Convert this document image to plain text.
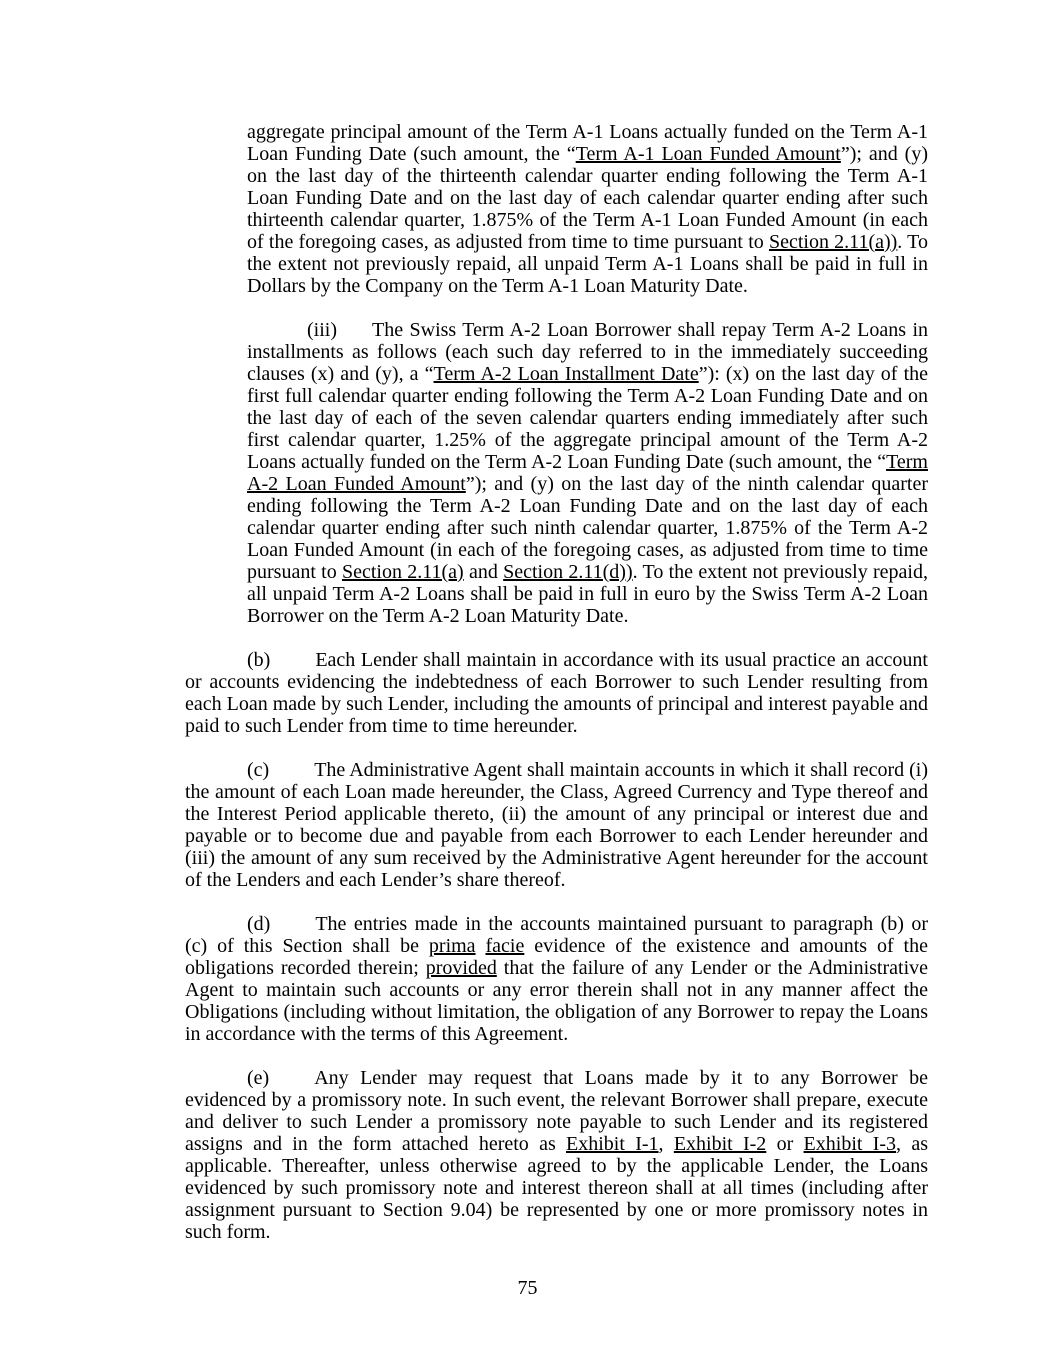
aggregate principal amount of the Term A-1 Loans actually funded on the Term A-1 Loan Funding Date (such amount, the “Term A-1 Loan Funded Amount”); and (y) on the last day of the thirteenth calendar quarter ending following the Term A-1 Loan Funding Date and on the last day of each calendar quarter ending after such thirteenth calendar quarter, 1.875% of the Term A-1 Loan Funded Amount (in each of the foregoing cases, as adjusted from time to time pursuant to Section 2.11(a)). To the extent not previously repaid, all unpaid Term A-1 Loans shall be paid in full in Dollars by the Company on the Term A-1 Loan Maturity Date.

(iii) The Swiss Term A-2 Loan Borrower shall repay Term A-2 Loans in installments as follows (each such day referred to in the immediately succeeding clauses (x) and (y), a “Term A-2 Loan Installment Date”): (x) on the last day of the first full calendar quarter ending following the Term A-2 Loan Funding Date and on the last day of each of the seven calendar quarters ending immediately after such first calendar quarter, 1.25% of the aggregate principal amount of the Term A-2 Loans actually funded on the Term A-2 Loan Funding Date (such amount, the “Term A-2 Loan Funded Amount”); and (y) on the last day of the ninth calendar quarter ending following the Term A-2 Loan Funding Date and on the last day of each calendar quarter ending after such ninth calendar quarter, 1.875% of the Term A-2 Loan Funded Amount (in each of the foregoing cases, as adjusted from time to time pursuant to Section 2.11(a) and Section 2.11(d)). To the extent not previously repaid, all unpaid Term A-2 Loans shall be paid in full in euro by the Swiss Term A-2 Loan Borrower on the Term A-2 Loan Maturity Date.

(b) Each Lender shall maintain in accordance with its usual practice an account or accounts evidencing the indebtedness of each Borrower to such Lender resulting from each Loan made by such Lender, including the amounts of principal and interest payable and paid to such Lender from time to time hereunder.

(c) The Administrative Agent shall maintain accounts in which it shall record (i) the amount of each Loan made hereunder, the Class, Agreed Currency and Type thereof and the Interest Period applicable thereto, (ii) the amount of any principal or interest due and payable or to become due and payable from each Borrower to each Lender hereunder and (iii) the amount of any sum received by the Administrative Agent hereunder for the account of the Lenders and each Lender’s share thereof.

(d) The entries made in the accounts maintained pursuant to paragraph (b) or (c) of this Section shall be prima facie evidence of the existence and amounts of the obligations recorded therein; provided that the failure of any Lender or the Administrative Agent to maintain such accounts or any error therein shall not in any manner affect the Obligations (including without limitation, the obligation of any Borrower to repay the Loans in accordance with the terms of this Agreement.

(e) Any Lender may request that Loans made by it to any Borrower be evidenced by a promissory note. In such event, the relevant Borrower shall prepare, execute and deliver to such Lender a promissory note payable to such Lender and its registered assigns and in the form attached hereto as Exhibit I-1, Exhibit I-2 or Exhibit I-3, as applicable. Thereafter, unless otherwise agreed to by the applicable Lender, the Loans evidenced by such promissory note and interest thereon shall at all times (including after assignment pursuant to Section 9.04) be represented by one or more promissory notes in such form.

75
